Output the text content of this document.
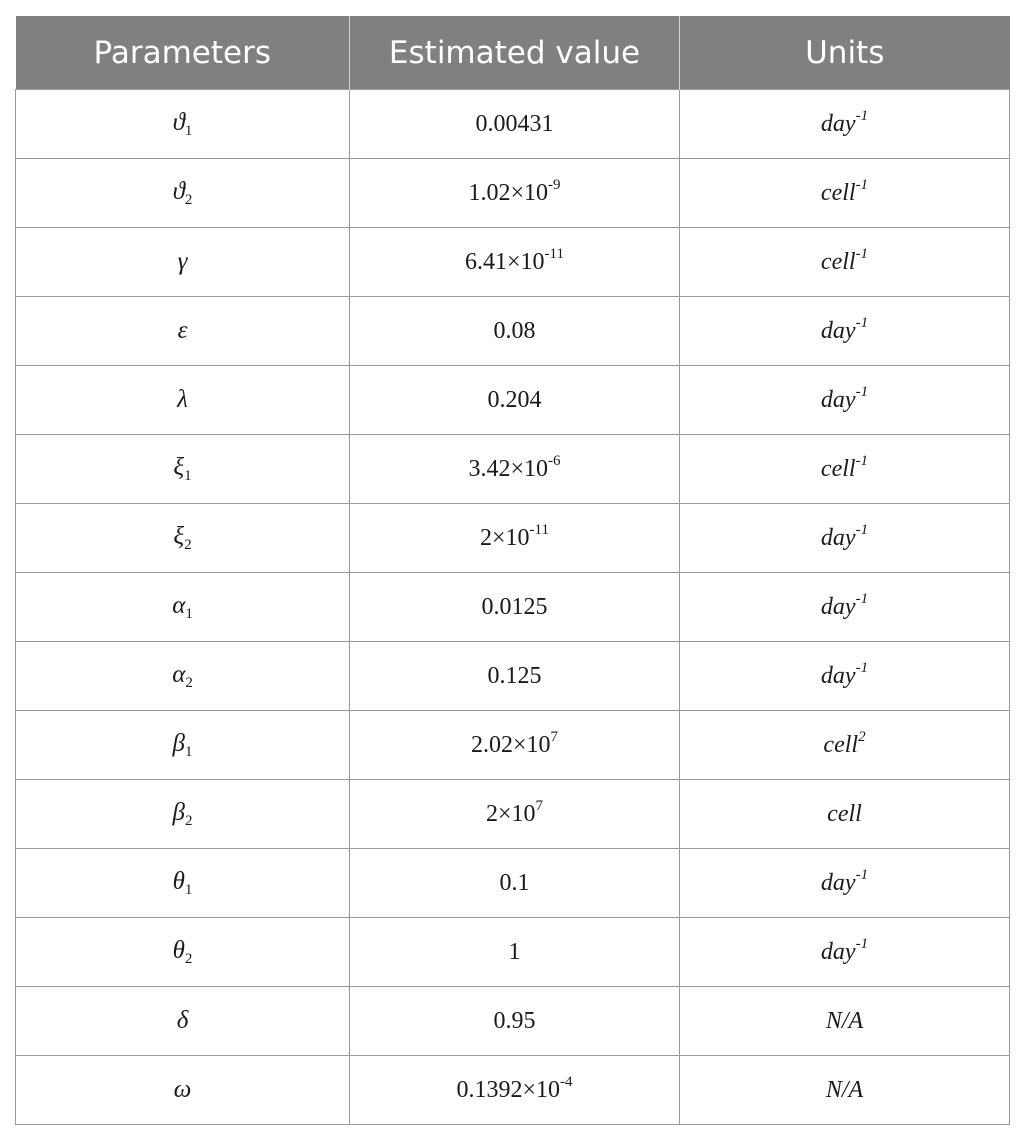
Parameters	Estimated value	Units
$ϑ_1$	0.00431	day$^{-1}$
$ϑ_2$	$1.02\times 10^{-9}$	cell$^{-1}$
γ	$6.41\times 10^{-11}$	cell$^{-1}$
ε	0.08	day$^{-1}$
λ	0.204	day$^{-1}$
$\xi_1$	$3.42\times 10^{-6}$	cell$^{-1}$
$\xi_2$	$2\times 10^{-11}$	day$^{-1}$
$\alpha_1$	0.0125	day$^{-1}$
$\alpha_2$	0.125	day$^{-1}$
$\beta_1$	$2.02\times 10^7$	cell$^2$
$\beta_2$	$2\times 10^7$	cell
$\theta_1$	0.1	day$^{-1}$
$\theta_2$	1	day$^{-1}$
δ	0.95	N/A
ω	$0.1392\times 10^{-4}$	N/A
